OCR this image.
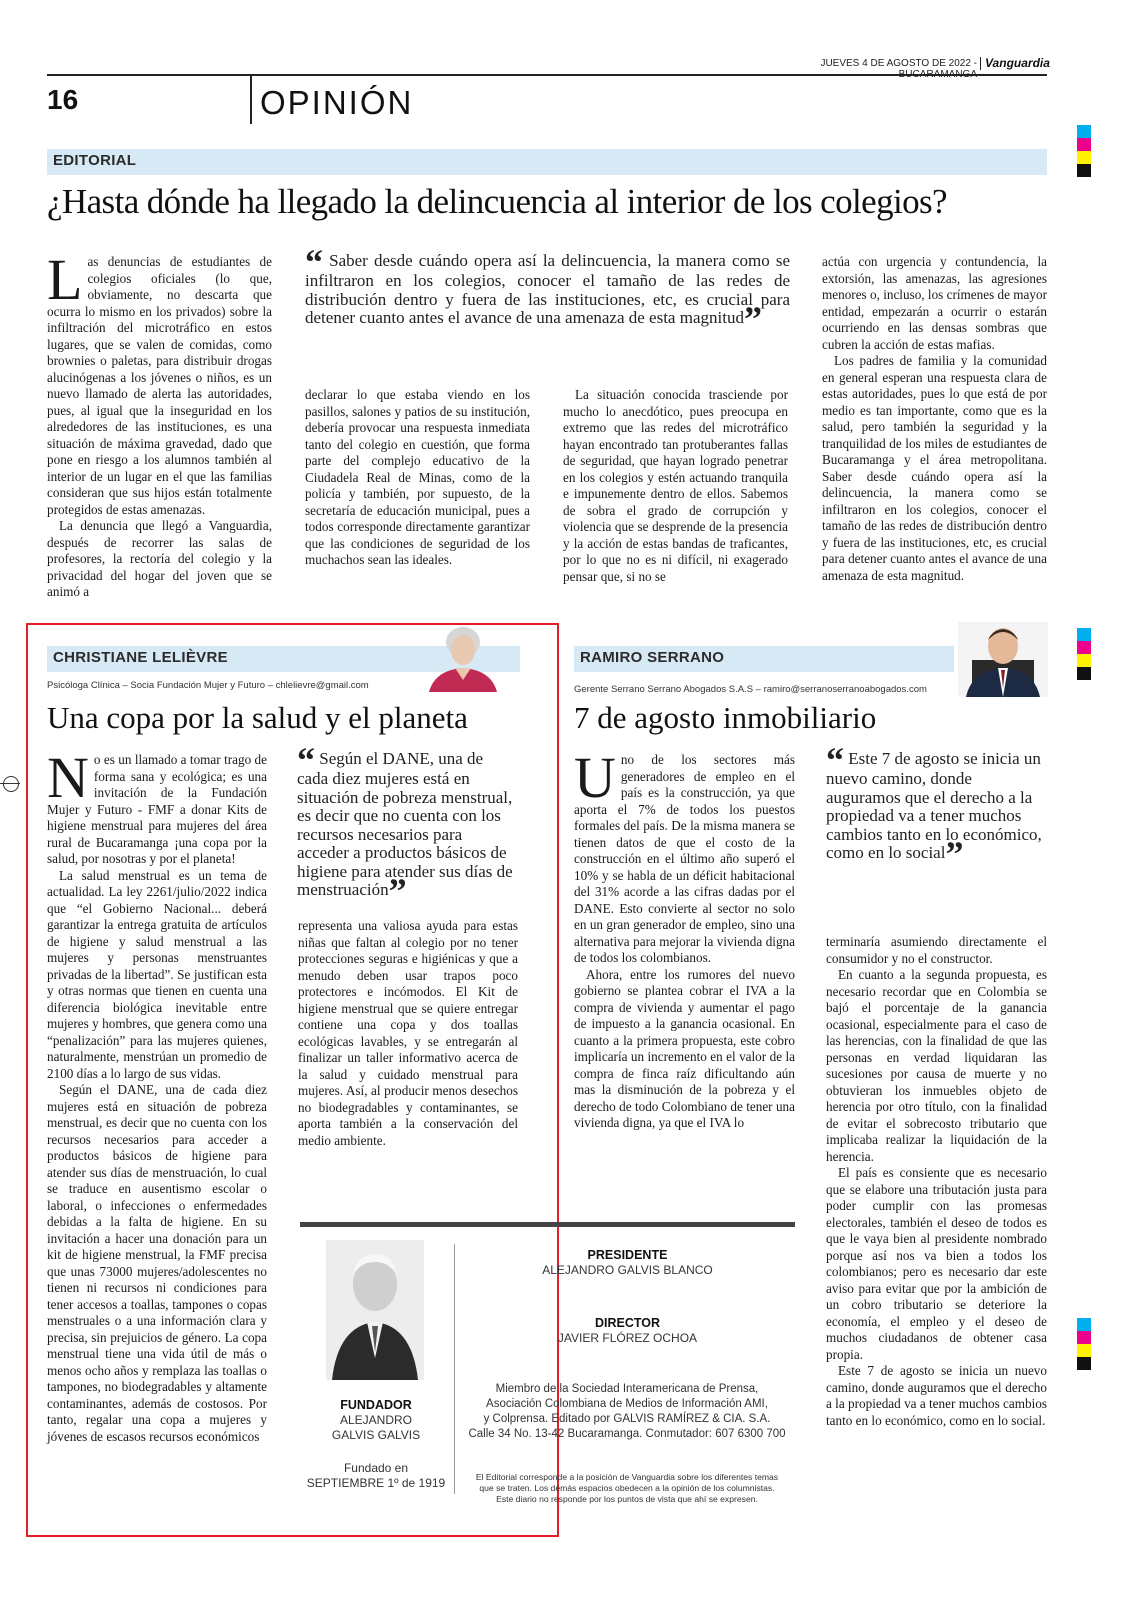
JUEVES 4 DE AGOSTO DE 2022 - Vanguardia
16	OPINIÓN
EDITORIAL
¿Hasta dónde ha llegado la delincuencia al interior de los colegios?

Las denuncias de estudiantes de colegios oficiales (lo que, obviamente, no descarta que ocurra lo mismo en los privados) sobre la infiltración del microtráfico en estos lugares, que se valen de comidas, como brownies o paletas, para distribuir drogas alucinógenas a los jóvenes o niños, es un nuevo llamado de alerta las autoridades, pues, al igual que la inseguridad en los alrededores de las instituciones, es una situación de máxima gravedad, dado que pone en riesgo a los alumnos también al interior de un lugar en el que las familias consideran que sus hijos están totalmente protegidos de estas amenazas.

La denuncia que llegó a Vanguardia, después de recorrer las salas de profesores, la rectoría del colegio y la privacidad del hogar del joven que se animó a

“ Saber desde cuándo opera así la delincuencia, la manera como se infiltraron en los colegios, conocer el tamaño de las redes de distribución dentro y fuera de las instituciones, etc, es crucial para detener cuanto antes el avance de una amenaza de esta magnitud”

declarar lo que estaba viendo en los pasillos, salones y patios de su institución, debería provocar una respuesta inmediata tanto del colegio en cuestión, que forma parte del complejo educativo de la Ciudadela Real de Minas, como de la policía y también, por supuesto, de la secretaría de educación municipal, pues a todos corresponde directamente garantizar que las condiciones de seguridad de los muchachos sean las ideales.

La situación conocida trasciende por mucho lo anecdótico, pues preocupa en extremo que las redes del microtráfico hayan encontrado tan protuberantes fallas de seguridad, que hayan logrado penetrar en los colegios y estén actuando tranquila e impunemente dentro de ellos. Sabemos de sobra el grado de corrupción y violencia que se desprende de la presencia y la acción de estas bandas de traficantes, por lo que no es ni difícil, ni exagerado pensar que, si no se

actúa con urgencia y contundencia, la extorsión, las amenazas, las agresiones menores o, incluso, los crímenes de mayor entidad, empezarán a ocurrir o estarán ocurriendo en las densas sombras que cubren la acción de estas mafias.

Los padres de familia y la comunidad en general esperan una respuesta clara de estas autoridades, pues lo que está de por medio es tan importante, como que es la salud, pero también la seguridad y la tranquilidad de los miles de estudiantes de Bucaramanga y el área metropolitana. Saber desde cuándo opera así la delincuencia, la manera como se infiltraron en los colegios, conocer el tamaño de las redes de distribución dentro y fuera de las instituciones, etc, es crucial para detener cuanto antes el avance de una amenaza de esta magnitud.

CHRISTIANE LELIÈVRE
Psicóloga Clínica – Socia Fundación Mujer y Futuro – chlelievre@gmail.com
Una copa por la salud y el planeta

No es un llamado a tomar trago de forma sana y ecológica; es una invitación de la Fundación Mujer y Futuro - FMF a donar Kits de higiene menstrual para mujeres del área rural de Bucaramanga ¡una copa por la salud, por nosotras y por el planeta!

La salud menstrual es un tema de actualidad. La ley 2261/julio/2022 indica que “el Gobierno Nacional... deberá garantizar la entrega gratuita de artículos de higiene y salud menstrual a las mujeres y personas menstruantes privadas de la libertad”. Se justifican esta y otras normas que tienen en cuenta una diferencia biológica inevitable entre mujeres y hombres, que genera como una “penalización” para las mujeres quienes, naturalmente, menstrúan un promedio de 2100 días a lo largo de sus vidas.

Según el DANE, una de cada diez mujeres está en situación de pobreza menstrual, es decir que no cuenta con los recursos necesarios para acceder a productos básicos de higiene para atender sus días de menstruación, lo cual se traduce en ausentismo escolar o laboral, o infecciones o enfermedades debidas a la falta de higiene. En su invitación a hacer una donación para un kit de higiene menstrual, la FMF precisa que unas 73000 mujeres/adolescentes no tienen ni recursos ni condiciones para tener accesos a toallas, tampones o copas menstruales o a una información clara y precisa, sin prejuicios de género. La copa menstrual tiene una vida útil de más o menos ocho años y remplaza las toallas o tampones, no biodegradables y altamente contaminantes, además de costosos. Por tanto, regalar una copa a mujeres y jóvenes de escasos recursos económicos

“ Según el DANE, una de cada diez mujeres está en situación de pobreza menstrual, es decir que no cuenta con los recursos necesarios para acceder a productos básicos de higiene para atender sus días de menstruación”

representa una valiosa ayuda para estas niñas que faltan al colegio por no tener protecciones seguras e higiénicas y que a menudo deben usar trapos poco protectores e incómodos. El Kit de higiene menstrual que se quiere entregar contiene una copa y dos toallas ecológicas lavables, y se entregarán al finalizar un taller informativo acerca de la salud y cuidado menstrual para mujeres. Así, al producir menos desechos no biodegradables y contaminantes, se aporta también a la conservación del medio ambiente.

RAMIRO SERRANO
Gerente Serrano Serrano Abogados S.A.S – ramiro@serranoserranoabogados.com
7 de agosto inmobiliario

Uno de los sectores más generadores de empleo en el país es la construcción, ya que aporta el 7% de todos los puestos formales del país. De la misma manera se tienen datos de que el costo de la construcción en el último año superó el 10% y se habla de un déficit habitacional del 31% acorde a las cifras dadas por el DANE. Esto convierte al sector no solo en un gran generador de empleo, sino una alternativa para mejorar la vivienda digna de todos los colombianos.

Ahora, entre los rumores del nuevo gobierno se plantea cobrar el IVA a la compra de vivienda y aumentar el pago de impuesto a la ganancia ocasional. En cuanto a la primera propuesta, este cobro implicaría un incremento en el valor de la compra de finca raíz dificultando aún mas la disminución de la pobreza y el derecho de todo Colombiano de tener una vivienda digna, ya que el IVA lo

“ Este 7 de agosto se inicia un nuevo camino, donde auguramos que el derecho a la propiedad va a tener muchos cambios tanto en lo económico, como en lo social”

terminaría asumiendo directamente el consumidor y no el constructor.

En cuanto a la segunda propuesta, es necesario recordar que en Colombia se bajó el porcentaje de la ganancia ocasional, especialmente para el caso de las herencias, con la finalidad de que las personas en verdad liquidaran las sucesiones por causa de muerte y no obtuvieran los inmuebles objeto de herencia por otro título, con la finalidad de evitar el sobrecosto tributario que implicaba realizar la liquidación de la herencia.

El país es consiente que es necesario que se elabore una tributación justa para poder cumplir con las promesas electorales, también el deseo de todos es que le vaya bien al presidente nombrado porque así nos va bien a todos los colombianos; pero es necesario dar este aviso para evitar que por la ambición de un cobro tributario se deteriore la economía, el empleo y el deseo de muchos ciudadanos de obtener casa propia.

Este 7 de agosto se inicia un nuevo camino, donde auguramos que el derecho a la propiedad va a tener muchos cambios tanto en lo económico, como en lo social.

FUNDADOR
ALEJANDRO
GALVIS GALVIS
Fundado en
SEPTIEMBRE 1º de 1919
PRESIDENTE
ALEJANDRO GALVIS BLANCO
DIRECTOR
JAVIER FLÓREZ OCHOA
Miembro de la Sociedad Interamericana de Prensa,
Asociación Colombiana de Medios de Información AMI,
y Colprensa. Editado por GALVIS RAMÍREZ & CIA. S.A.
Calle 34 No. 13-42 Bucaramanga. Conmutador: 607 6300 700
El Editorial corresponde a la posición de Vanguardia sobre los diferentes temas
que se traten. Los demás espacios obedecen a la opinión de los columnistas.
Este diario no responde por los puntos de vista que ahí se expresen.
